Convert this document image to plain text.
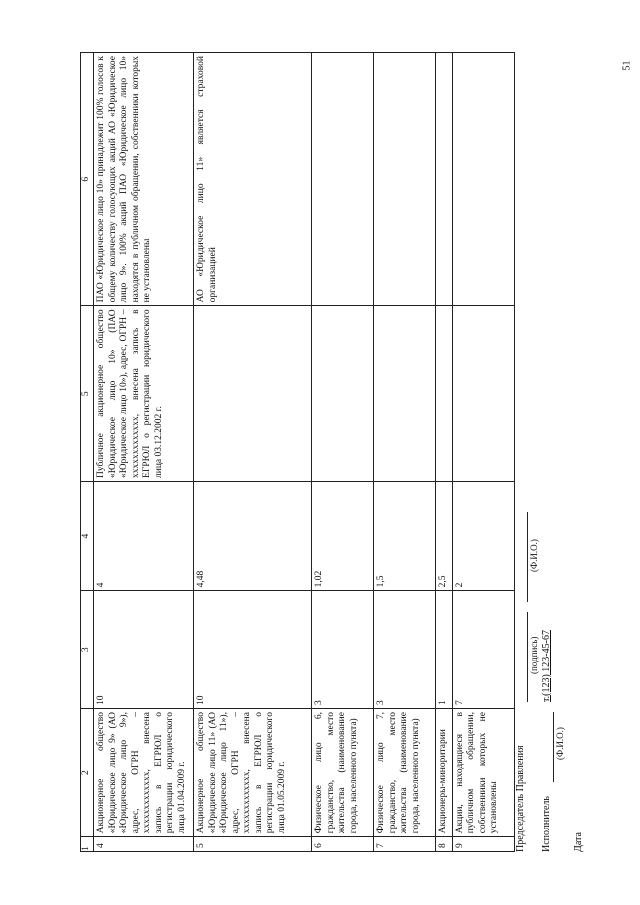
1	2	3	4	5	6
4	Акционерное общество «Юридическое лицо 9» (АО «Юридическое лицо 9»), адрес, ОГРН – ххххххххххххх, внесена запись в ЕГРЮЛ о регистрации юридического лица 01.04.2009 г.	10	4	Публичное акционерное общество «Юридическое лицо 10» (ПАО «Юридическое лицо 10»), адрес, ОГРН – ххххххххххххх, внесена запись в ЕГРЮЛ о регистрации юридического лица 03.12.2002 г.	ПАО «Юридическое лицо 10» принадлежит 100% голосов к общему количеству голосующих акций АО «Юридическое лицо 9». 100% акций ПАО «Юридическое лицо 10» находятся в публичном обращении, собственники которых не установлены
5	Акционерное общество «Юридическое лицо 11» (АО «Юридическое лицо 11»), адрес, ОГРН – ххххххххххххх, внесена запись в ЕГРЮЛ о регистрации юридического лица 01.05.2009 г.	10	4,48		АО «Юридическое лицо 11» является страховой организацией
6	Физическое лицо 6, гражданство, место жительства (наименование города, населенного пункта)	3	1,02		
7	Физическое лицо 7, гражданство, место жительства (наименование города, населенного пункта)	3	1,5		
8	Акционеры-миноритарии	1	2,5		
9	Акции, находящиеся в публичном обращении, собственники которых не установлены	7	2		
Председатель Правления
(подпись)
(Ф.И.О.)
Исполнитель
(Ф.И.О.)
т.(123) 123-45-67
Дата
51
